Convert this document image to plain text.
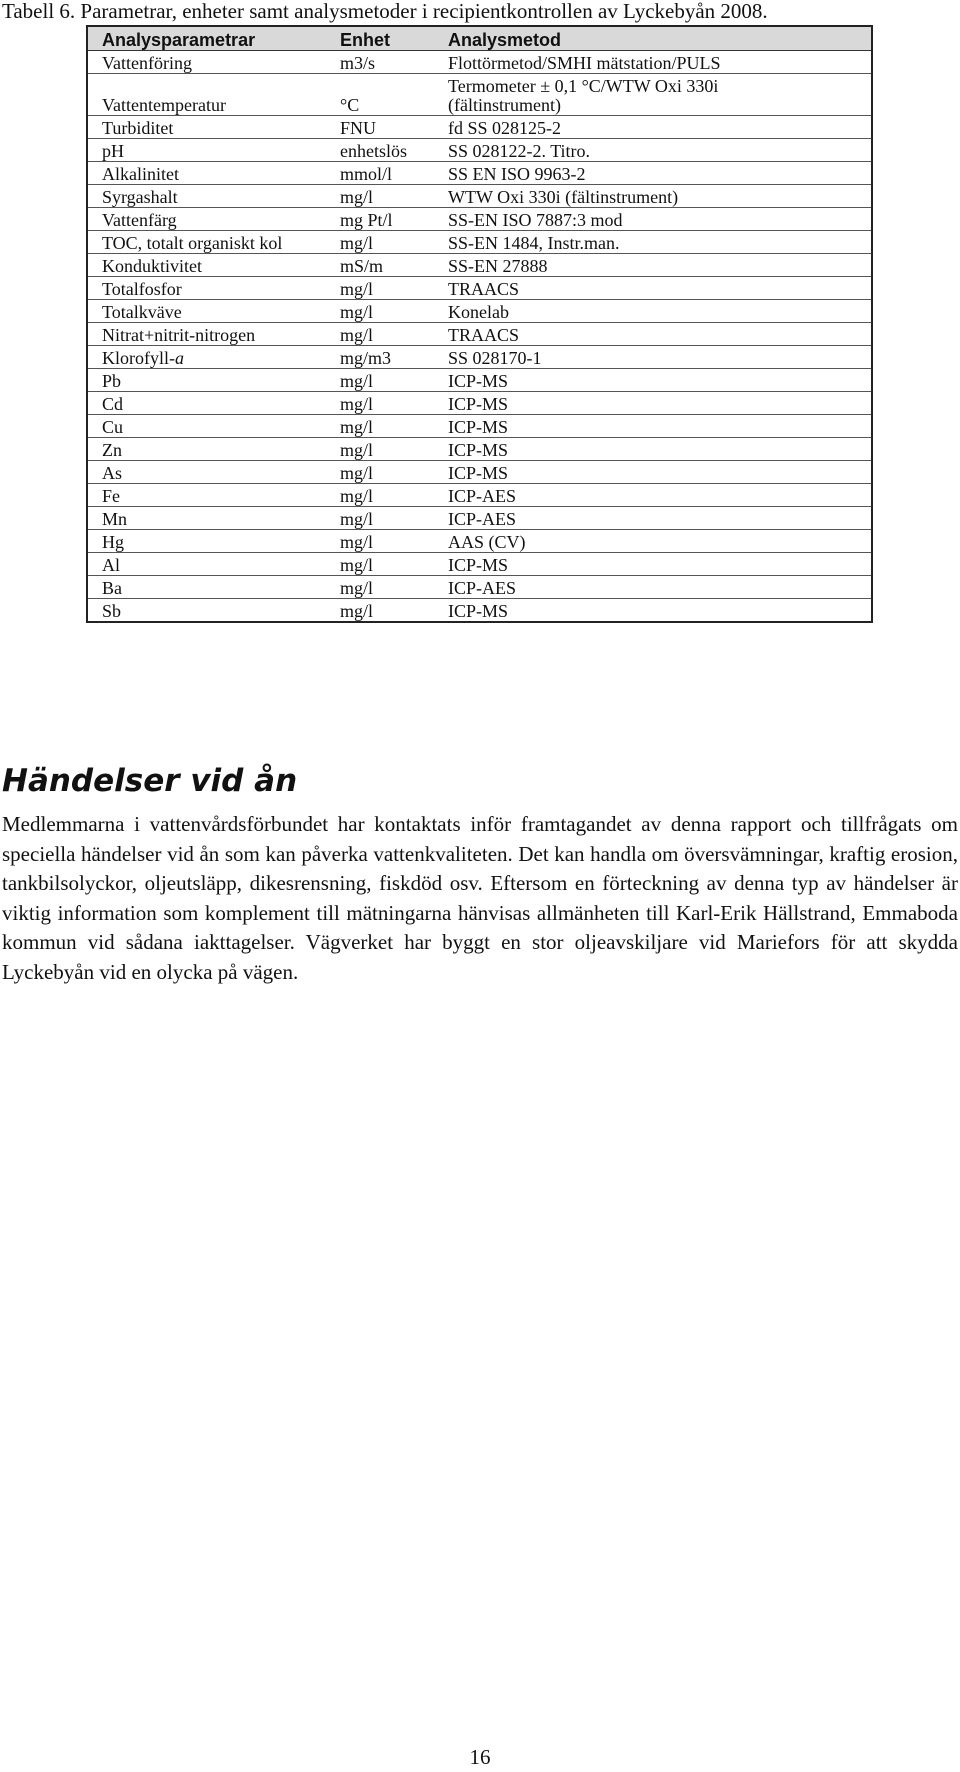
Tabell 6. Parametrar, enheter samt analysmetoder i recipientkontrollen av Lyckebyån 2008.
Analysparametrar	Enhet	Analysmetod
Vattenföring	m3/s	Flottörmetod/SMHI mätstation/PULS
Vattentemperatur	°C	Termometer ± 0,1 °C/WTW Oxi 330i (fältinstrument)

Turbiditet	FNU	fd SS 028125-2
pH	enhetslös	SS 028122-2. Titro.
Alkalinitet	mmol/l	SS EN ISO 9963-2
Syrgashalt	mg/l	WTW Oxi 330i (fältinstrument)
Vattenfärg	mg Pt/l	SS-EN ISO 7887:3 mod
TOC, totalt organiskt kol	mg/l	SS-EN 1484, Instr.man.
Konduktivitet	mS/m	SS-EN 27888
Totalfosfor	mg/l	TRAACS
Totalkväve	mg/l	Konelab
Nitrat+nitrit-nitrogen	mg/l	TRAACS
Klorofyll-a	mg/m3	SS 028170-1
Pb	mg/l	ICP-MS
Cd	mg/l	ICP-MS
Cu	mg/l	ICP-MS
Zn	mg/l	ICP-MS
As	mg/l	ICP-MS
Fe	mg/l	ICP-AES
Mn	mg/l	ICP-AES
Hg	mg/l	AAS (CV)
Al	mg/l	ICP-MS
Ba	mg/l	ICP-AES
Sb	mg/l	ICP-MS
Händelser vid ån

Medlemmarna i vattenvårdsförbundet har kontaktats inför framtagandet av denna rapport och tillfrågats om speciella händelser vid ån som kan påverka vattenkvaliteten. Det kan handla om översvämningar, kraftig erosion, tankbilsolyckor, oljeutsläpp, dikesrensning, fiskdöd osv. Eftersom en förteckning av denna typ av händelser är viktig information som komplement till mätningarna hänvisas allmänheten till Karl-Erik Hällstrand, Emmaboda kommun vid sådana iakttagelser. Vägverket har byggt en stor oljeavskiljare vid Mariefors för att skydda Lyckebyån vid en olycka på vägen.

16
